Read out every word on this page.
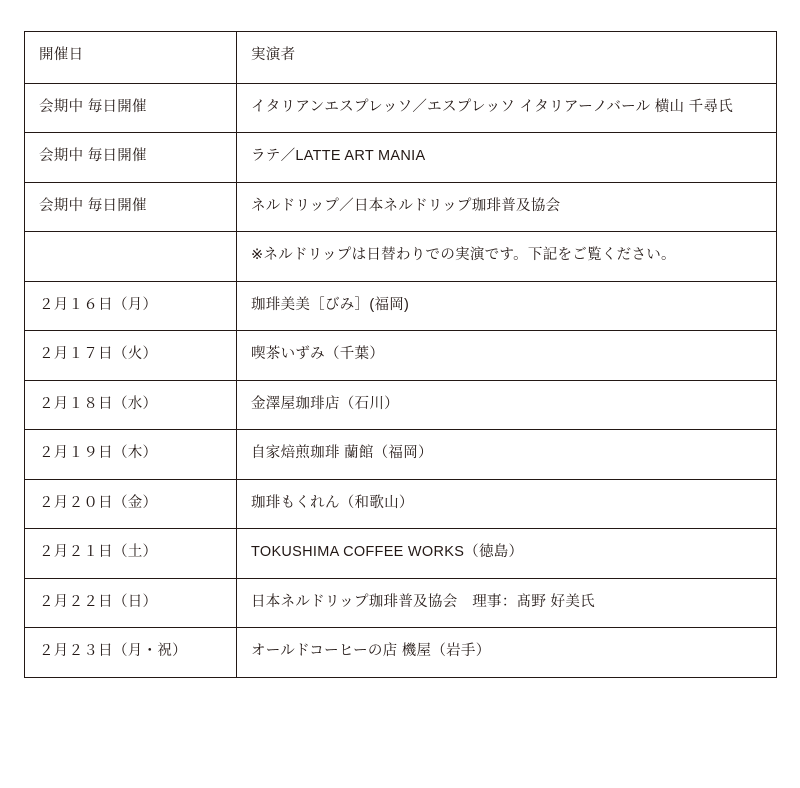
開催日	実演者
会期中 毎日開催	イタリアンエスプレッソ／エスプレッソ イタリアーノバール 横山 千尋氏
会期中 毎日開催	ラテ／LATTE ART MANIA
会期中 毎日開催	ネルドリップ／日本ネルドリップ珈琲普及協会
	※ネルドリップは日替わりでの実演です。下記をご覧ください。
２月１６日（月）	珈琲美美［びみ］(福岡)
２月１７日（火）	喫茶いずみ（千葉）
２月１８日（水）	金澤屋珈琲店（石川）
２月１９日（木）	自家焙煎珈琲 蘭館（福岡）
２月２０日（金）	珈琲もくれん（和歌山）
２月２１日（土）	TOKUSHIMA COFFEE WORKS（徳島）
２月２２日（日）	日本ネルドリップ珈琲普及協会　理事：髙野 好美氏
２月２３日（月・祝）	オールドコーヒーの店 機屋（岩手）
